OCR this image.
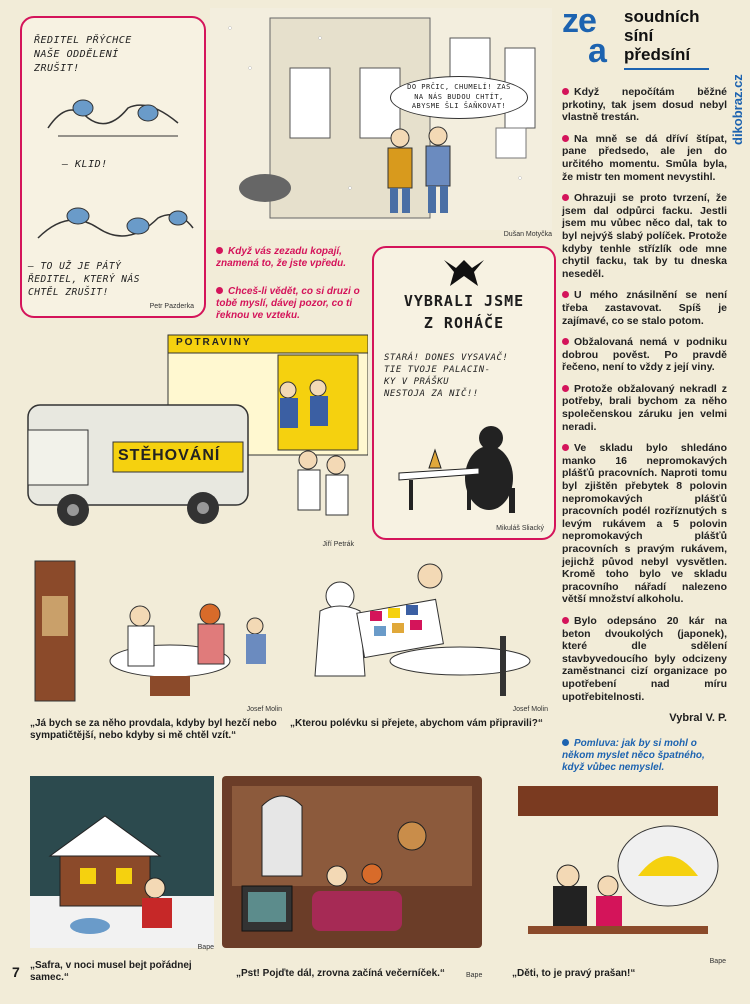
dikobraz.cz
ze
a
soudních
síní
předsíní
Když nepočítám běžné prkotiny, tak jsem dosud nebyl vlastně trestán.
Na mně se dá dříví štípat, pane předsedo, ale jen do určitého momentu. Smůla byla, že mistr ten moment nevystihl.
Ohrazuji se proto tvrzení, že jsem dal odpůrci facku. Jestli jsem mu vůbec něco dal, tak to byl nejvýš slabý políček. Protože kdyby tenhle střízlík ode mne chytil facku, tak by tu dneska neseděl.
U mého znásilnění se není třeba zastavovat. Spíš je zajímavé, co se stalo potom.
Obžalovaná nemá v podniku dobrou pověst. Po pravdě řečeno, není to vždy z její viny.
Protože obžalovaný nekradl z potřeby, brali bychom za něho společenskou záruku jen velmi neradi.
Ve skladu bylo shledáno manko 16 nepromokavých plášťů pracovních. Naproti tomu byl zjištěn přebytek 8 polovin nepromokavých plášťů pracovních podél rozříznutých s levým rukávem a 5 polovin nepromokavých plášťů pracovních s pravým rukávem, jejichž původ nebyl vysvětlen. Kromě toho bylo ve skladu pracovního nářadí nalezeno větší množství alkoholu.
Bylo odepsáno 20 kár na beton dvoukolých (japonek), které dle sdělení stavbyvedoucího byly odcizeny zaměstnanci cizí organizace po upotřebení nad míru upotřebitelnosti.
Vybral V. P.
Pomluva: jak by si mohl o někom myslet něco špatného, když vůbec nemyslel.
ŘEDITEL PŘÝCHCE
NAŠE ODDĚLENÍ
ZRUŠIT!
— KLID!
— TO UŽ JE PÁTÝ
ŘEDITEL, KTERÝ NÁS
CHTĚL ZRUŠIT!
Petr Pazderka
DO PRČIC, CHUMELÍ! ZAS
NA NÁS BUDOU CHTÍT,
ABYSME ŠLI ŠAŇKOVAT!
Dušan Motyčka
Když vás zezadu kopají, znamená to, že jste vpředu.
Chceš-li vědět, co si druzi o tobě myslí, dávej pozor, co ti řeknou ve vzteku.
VYBRALI JSME
Z ROHÁČE
STARÁ! DONES VYSAVAČ!
TIE TVOJE PALACIN-
KY V PRÁŠKU
NESTOJA ZA NIČ!!
Mikuláš Sliacký
POTRAVINY
STĚHOVÁNÍ
Jiří Petrák
Josef Molin
„Já bych se za něho provdala, kdyby byl hezčí nebo sympatičtější, nebo kdyby si mě chtěl vzít.“
Josef Molin
„Kterou polévku si přejete, abychom vám připravili?“
Bape
7 „Safra, v noci musel bejt pořádnej samec.“	„Pst! Pojďte dál, zrovna začíná večerníček.“	Bape
Bape
„Děti, to je pravý prašan!“
